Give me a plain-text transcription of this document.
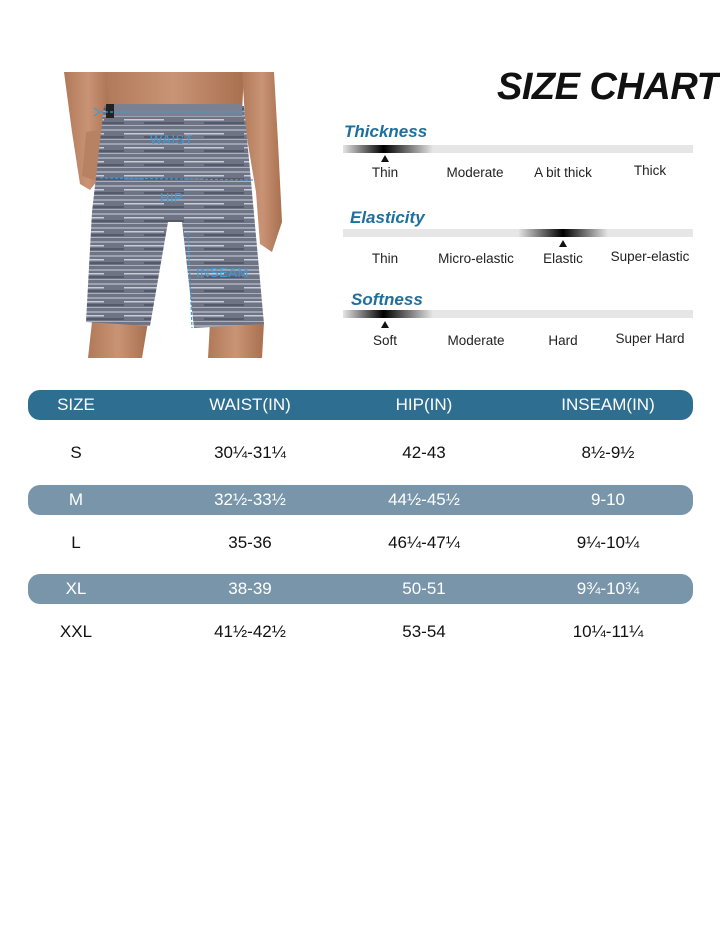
WAIST
HIP
INSEAM
SIZE CHART
Thickness
Thin	Moderate	A bit thick	Thick
Elasticity
Thin	Micro-elastic	Elastic	Super-elastic
Softness
Soft	Moderate	Hard	Super Hard
SIZE	WAIST(IN)	HIP(IN)	INSEAM(IN)
S	30¼-31¼	42-43	8½-9½
M	32½-33½	44½-45½	9-10
L	35-36	46¼-47¼	9¼-10¼
XL	38-39	50-51	9¾-10¾
XXL	41½-42½	53-54	10¼-11¼
